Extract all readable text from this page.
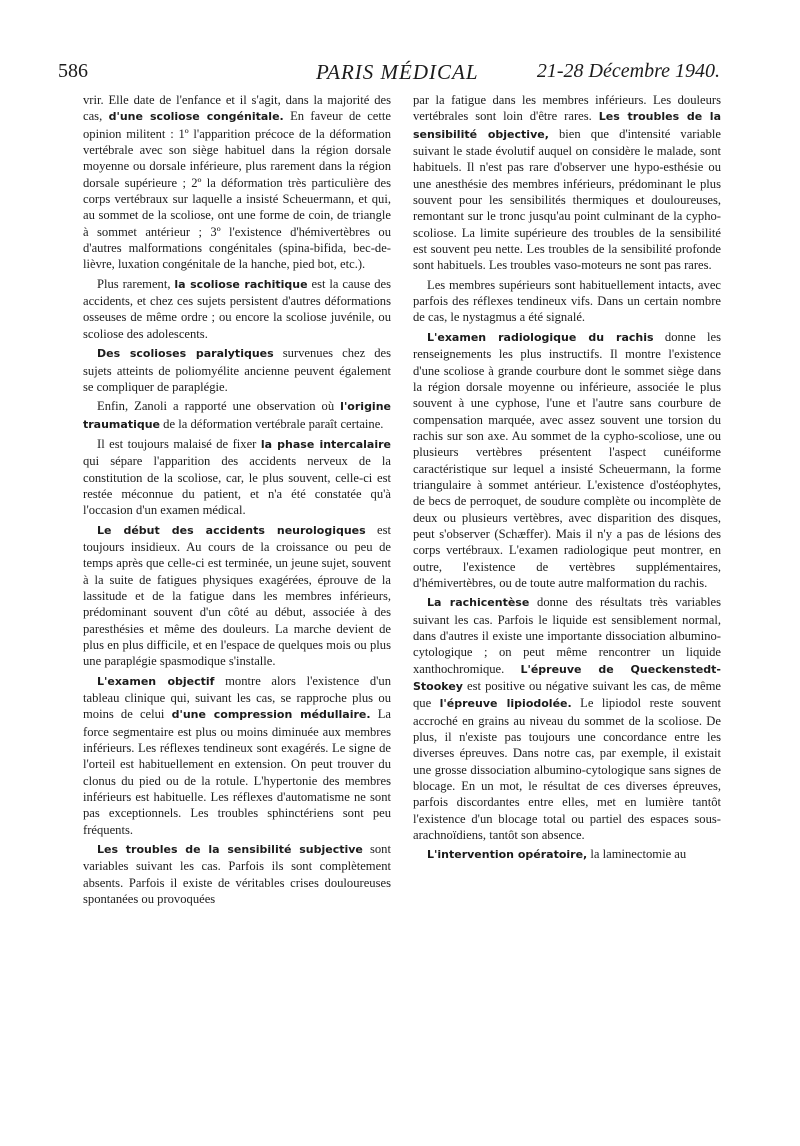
586	PARIS MÉDICAL	21-28 Décembre 1940.

vrir. Elle date de l'enfance et il s'agit, dans la majorité des cas, d'une scoliose congénitale. En faveur de cette opinion militent : 1º l'apparition précoce de la déformation vertébrale avec son siège habituel dans la région dorsale moyenne ou dorsale inférieure, plus rarement dans la région dorsale supérieure ; 2º la déformation très particulière des corps vertébraux sur laquelle a insisté Scheuermann, et qui, au sommet de la scoliose, ont une forme de coin, de triangle à sommet antérieur ; 3º l'existence d'hémivertèbres ou d'autres malformations congénitales (spina-bifida, bec-de-lièvre, luxation congénitale de la hanche, pied bot, etc.).

Plus rarement, la scoliose rachitique est la cause des accidents, et chez ces sujets persistent d'autres déformations osseuses de même ordre ; ou encore la scoliose juvénile, ou scoliose des adolescents.

Des scolioses paralytiques survenues chez des sujets atteints de poliomyélite ancienne peuvent également se compliquer de paraplégie.

Enfin, Zanoli a rapporté une observation où l'origine traumatique de la déformation vertébrale paraît certaine.

Il est toujours malaisé de fixer la phase intercalaire qui sépare l'apparition des accidents nerveux de la constitution de la scoliose, car, le plus souvent, celle-ci est restée méconnue du patient, et n'a été constatée qu'à l'occasion d'un examen médical.

Le début des accidents neurologiques est toujours insidieux. Au cours de la croissance ou peu de temps après que celle-ci est terminée, un jeune sujet, souvent à la suite de fatigues physiques exagérées, éprouve de la lassitude et de la fatigue dans les membres inférieurs, prédominant souvent d'un côté au début, associée à des paresthésies et même des douleurs. La marche devient de plus en plus difficile, et en l'espace de quelques mois ou plus une paraplégie spasmodique s'installe.

L'examen objectif montre alors l'existence d'un tableau clinique qui, suivant les cas, se rapproche plus ou moins de celui d'une compression médullaire. La force segmentaire est plus ou moins diminuée aux membres inférieurs. Les réflexes tendineux sont exagérés. Le signe de l'orteil est habituellement en extension. On peut trouver du clonus du pied ou de la rotule. L'hypertonie des membres inférieurs est habituelle. Les réflexes d'automatisme ne sont pas exceptionnels. Les troubles sphinctériens sont peu fréquents.

Les troubles de la sensibilité subjective sont variables suivant les cas. Parfois ils sont complètement absents. Parfois il existe de véritables crises douloureuses spontanées ou provoquées

par la fatigue dans les membres inférieurs. Les douleurs vertébrales sont loin d'être rares. Les troubles de la sensibilité objective, bien que d'intensité variable suivant le stade évolutif auquel on considère le malade, sont habituels. Il n'est pas rare d'observer une hypo-esthésie ou une anesthésie des membres inférieurs, prédominant le plus souvent pour les sensibilités thermiques et douloureuses, remontant sur le tronc jusqu'au point culminant de la cypho-scoliose. La limite supérieure des troubles de la sensibilité est souvent peu nette. Les troubles de la sensibilité profonde sont habituels. Les troubles vaso-moteurs ne sont pas rares.

Les membres supérieurs sont habituellement intacts, avec parfois des réflexes tendineux vifs. Dans un certain nombre de cas, le nystagmus a été signalé.

L'examen radiologique du rachis donne les renseignements les plus instructifs. Il montre l'existence d'une scoliose à grande courbure dont le sommet siège dans la région dorsale moyenne ou inférieure, associée le plus souvent à une cyphose, l'une et l'autre sans courbure de compensation marquée, avec assez souvent une torsion du rachis sur son axe. Au sommet de la cypho-scoliose, une ou plusieurs vertèbres présentent l'aspect cunéiforme caractéristique sur lequel a insisté Scheuermann, la forme triangulaire à sommet antérieur. L'existence d'ostéophytes, de becs de perroquet, de soudure complète ou incomplète de deux ou plusieurs vertèbres, avec disparition des disques, peut s'observer (Schæffer). Mais il n'y a pas de lésions des corps vertébraux. L'examen radiologique peut montrer, en outre, l'existence de vertèbres supplémentaires, d'hémivertèbres, ou de toute autre malformation du rachis.

La rachicentèse donne des résultats très variables suivant les cas. Parfois le liquide est sensiblement normal, dans d'autres il existe une importante dissociation albumino-cytologique ; on peut même rencontrer un liquide xanthochromique. L'épreuve de Queckenstedt-Stookey est positive ou négative suivant les cas, de même que l'épreuve lipiodolée. Le lipiodol reste souvent accroché en grains au niveau du sommet de la scoliose. De plus, il n'existe pas toujours une concordance entre les diverses épreuves. Dans notre cas, par exemple, il existait une grosse dissociation albumino-cytologique sans signes de blocage. En un mot, le résultat de ces diverses épreuves, parfois discordantes entre elles, met en lumière tantôt l'existence d'un blocage total ou partiel des espaces sous-arachnoïdiens, tantôt son absence.

L'intervention opératoire, la laminectomie au
